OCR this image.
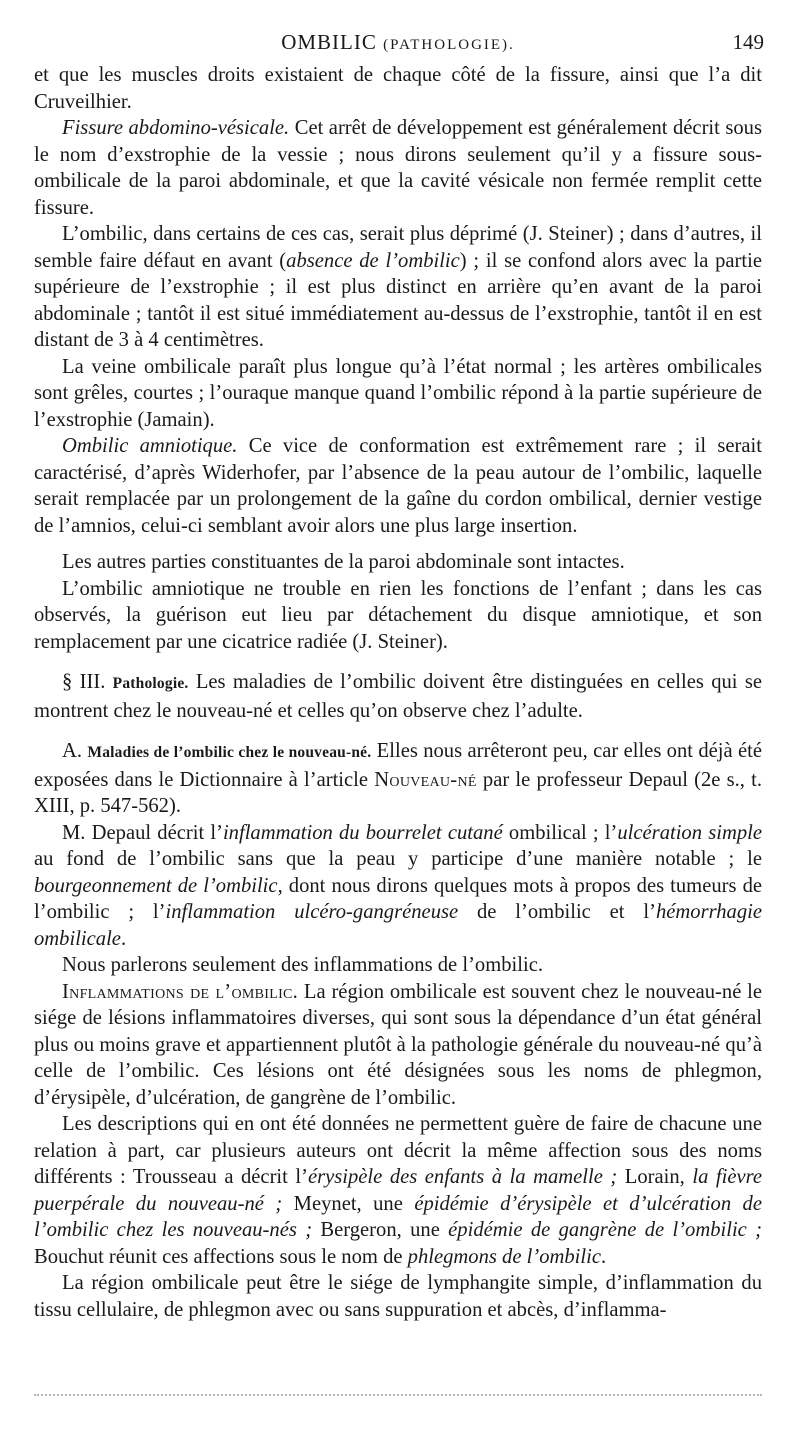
OMBILIC (PATHOLOGIE).	149

et que les muscles droits existaient de chaque côté de la fissure, ainsi que l’a dit Cruveilhier.

Fissure abdomino-vésicale. Cet arrêt de développement est généralement décrit sous le nom d’exstrophie de la vessie ; nous dirons seulement qu’il y a fissure sous-ombilicale de la paroi abdominale, et que la cavité vésicale non fermée remplit cette fissure.

L’ombilic, dans certains de ces cas, serait plus déprimé (J. Steiner) ; dans d’autres, il semble faire défaut en avant (absence de l’ombilic) ; il se confond alors avec la partie supérieure de l’exstrophie ; il est plus distinct en arrière qu’en avant de la paroi abdominale ; tantôt il est situé immédiatement au-dessus de l’exstrophie, tantôt il en est distant de 3 à 4 centimètres.

La veine ombilicale paraît plus longue qu’à l’état normal ; les artères ombilicales sont grêles, courtes ; l’ouraque manque quand l’ombilic répond à la partie supérieure de l’exstrophie (Jamain).

Ombilic amniotique. Ce vice de conformation est extrêmement rare ; il serait caractérisé, d’après Widerhofer, par l’absence de la peau autour de l’ombilic, laquelle serait remplacée par un prolongement de la gaîne du cordon ombilical, dernier vestige de l’amnios, celui-ci semblant avoir alors une plus large insertion.

Les autres parties constituantes de la paroi abdominale sont intactes.

L’ombilic amniotique ne trouble en rien les fonctions de l’enfant ; dans les cas observés, la guérison eut lieu par détachement du disque amniotique, et son remplacement par une cicatrice radiée (J. Steiner).

§ III. Pathologie. Les maladies de l’ombilic doivent être distinguées en celles qui se montrent chez le nouveau-né et celles qu’on observe chez l’adulte.

A. Maladies de l’ombilic chez le nouveau-né. Elles nous arrêteront peu, car elles ont déjà été exposées dans le Dictionnaire à l’article Nouveau-né par le professeur Depaul (2e s., t. XIII, p. 547-562).

M. Depaul décrit l’inflammation du bourrelet cutané ombilical ; l’ulcération simple au fond de l’ombilic sans que la peau y participe d’une manière notable ; le bourgeonnement de l’ombilic, dont nous dirons quelques mots à propos des tumeurs de l’ombilic ; l’inflammation ulcéro-gangréneuse de l’ombilic et l’hémorrhagie ombilicale.

Nous parlerons seulement des inflammations de l’ombilic.

Inflammations de l’ombilic. La région ombilicale est souvent chez le nouveau-né le siége de lésions inflammatoires diverses, qui sont sous la dépendance d’un état général plus ou moins grave et appartiennent plutôt à la pathologie générale du nouveau-né qu’à celle de l’ombilic. Ces lésions ont été désignées sous les noms de phlegmon, d’érysipèle, d’ulcération, de gangrène de l’ombilic.

Les descriptions qui en ont été données ne permettent guère de faire de chacune une relation à part, car plusieurs auteurs ont décrit la même affection sous des noms différents : Trousseau a décrit l’érysipèle des enfants à la mamelle ; Lorain, la fièvre puerpérale du nouveau-né ; Meynet, une épidémie d’érysipèle et d’ulcération de l’ombilic chez les nouveau-nés ; Bergeron, une épidémie de gangrène de l’ombilic ; Bouchut réunit ces affections sous le nom de phlegmons de l’ombilic.

La région ombilicale peut être le siége de lymphangite simple, d’inflammation du tissu cellulaire, de phlegmon avec ou sans suppuration et abcès, d’inflamma-
